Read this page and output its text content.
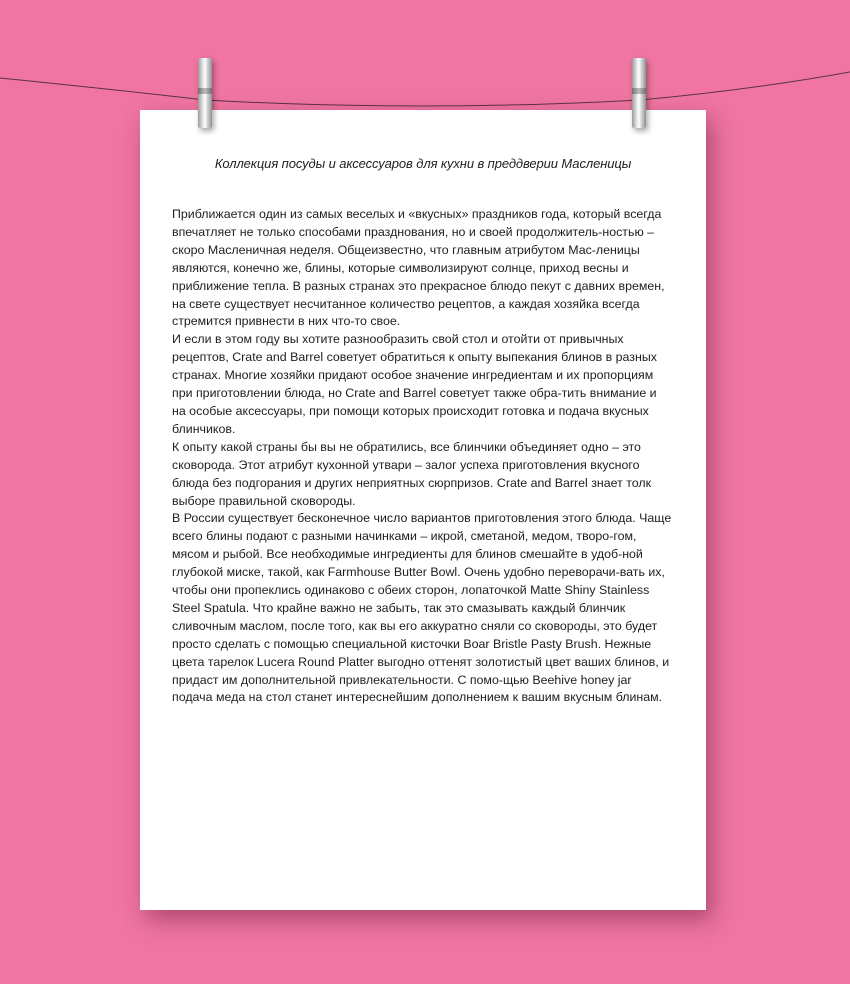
Коллекция посуды и аксессуаров для кухни в преддверии Масленицы

Приближается один из самых веселых и «вкусных» праздников года, который всегда впечатляет не только способами празднования, но и своей продолжитель-ностью – скоро Масленичная неделя. Общеизвестно, что главным атрибутом Мас-леницы являются, конечно же, блины, которые символизируют солнце, приход весны и приближение тепла. В разных странах это прекрасное блюдо пекут с давних времен, на свете существует несчитанное количество рецептов, а каждая хозяйка всегда стремится привнести в них что-то свое.

И если в этом году вы хотите разнообразить свой стол и отойти от привычных рецептов, Crate and Barrel советует обратиться к опыту выпекания блинов в разных странах. Многие хозяйки придают особое значение ингредиентам и их пропорциям при приготовлении блюда, но Crate and Barrel советует также обра-тить внимание и на особые аксессуары, при помощи которых происходит готовка и подача вкусных блинчиков.

К опыту какой страны бы вы не обратились, все блинчики объединяет одно – это сковорода. Этот атрибут кухонной утвари – залог успеха приготовления вкусного блюда без подгорания и других неприятных сюрпризов. Crate and Barrel знает толк выборе правильной сковороды.

В России существует бесконечное число вариантов приготовления этого блюда. Чаще всего блины подают с разными начинками – икрой, сметаной, медом, творо-гом, мясом и рыбой. Все необходимые ингредиенты для блинов смешайте в удоб-ной глубокой миске, такой, как Farmhouse Butter Bowl. Очень удобно переворачи-вать их, чтобы они пропеклись одинаково с обеих сторон, лопаточкой Matte Shiny Stainless Steel Spatula. Что крайне важно не забыть, так это смазывать каждый блинчик сливочным маслом, после того, как вы его аккуратно сняли со сковороды, это будет просто сделать с помощью специальной кисточки Boar Bristle Pasty Brush. Нежные цвета тарелок Lucera Round Platter выгодно оттенят золотистый цвет ваших блинов, и придаст им дополнительной привлекательности. С помо-щью Beehive honey jar подача меда на стол станет интереснейшим дополнением к вашим вкусным блинам.
